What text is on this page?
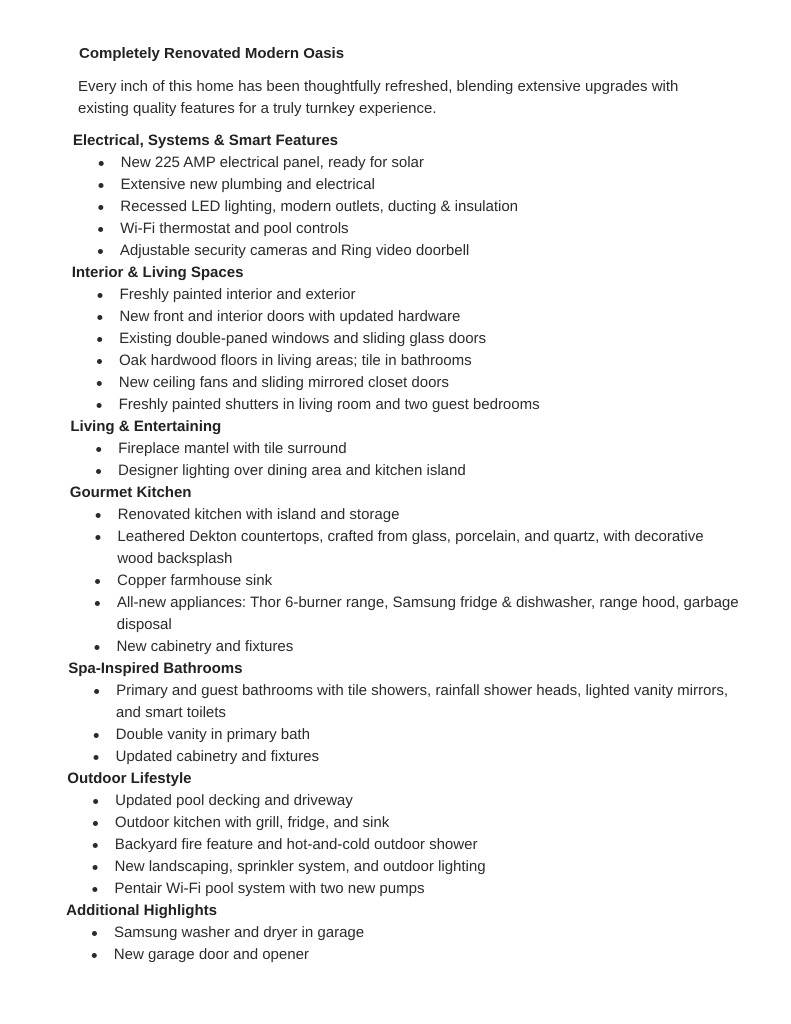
Completely Renovated Modern Oasis

Every inch of this home has been thoughtfully refreshed, blending extensive upgrades with existing quality features for a truly turnkey experience.

Electrical, Systems & Smart Features
New 225 AMP electrical panel, ready for solar
Extensive new plumbing and electrical
Recessed LED lighting, modern outlets, ducting & insulation
Wi-Fi thermostat and pool controls
Adjustable security cameras and Ring video doorbell
Interior & Living Spaces
Freshly painted interior and exterior
New front and interior doors with updated hardware
Existing double-paned windows and sliding glass doors
Oak hardwood floors in living areas; tile in bathrooms
New ceiling fans and sliding mirrored closet doors
Freshly painted shutters in living room and two guest bedrooms
Living & Entertaining
Fireplace mantel with tile surround
Designer lighting over dining area and kitchen island
Gourmet Kitchen
Renovated kitchen with island and storage
Leathered Dekton countertops, crafted from glass, porcelain, and quartz, with decorative wood backsplash
Copper farmhouse sink
All-new appliances: Thor 6-burner range, Samsung fridge & dishwasher, range hood, garbage disposal
New cabinetry and fixtures
Spa-Inspired Bathrooms
Primary and guest bathrooms with tile showers, rainfall shower heads, lighted vanity mirrors, and smart toilets
Double vanity in primary bath
Updated cabinetry and fixtures
Outdoor Lifestyle
Updated pool decking and driveway
Outdoor kitchen with grill, fridge, and sink
Backyard fire feature and hot-and-cold outdoor shower
New landscaping, sprinkler system, and outdoor lighting
Pentair Wi-Fi pool system with two new pumps
Additional Highlights
Samsung washer and dryer in garage
New garage door and opener
